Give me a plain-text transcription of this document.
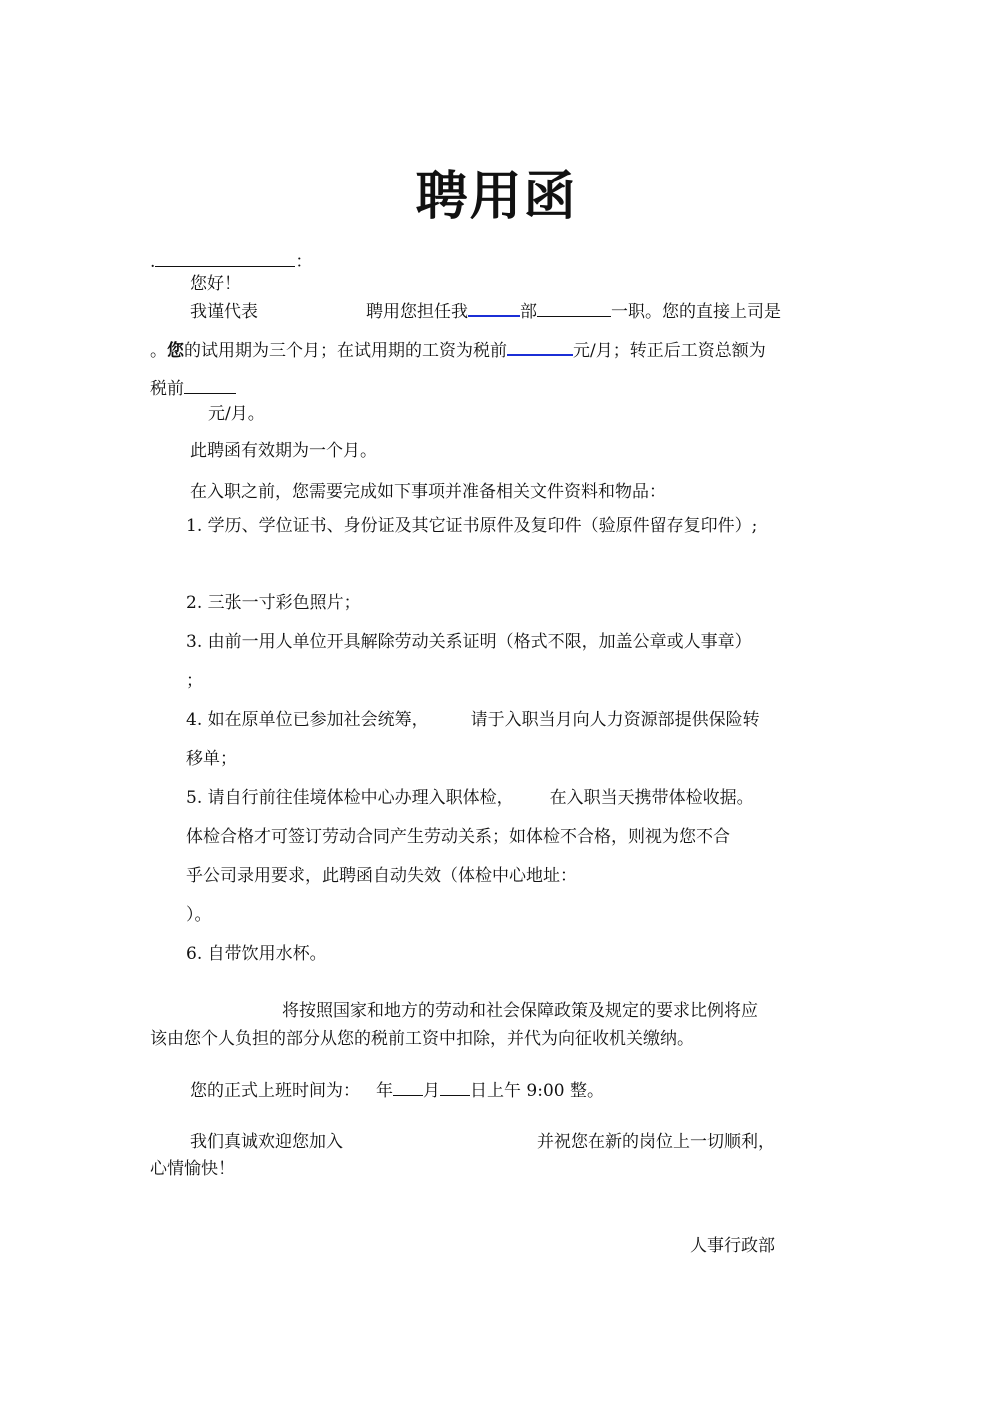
聘用函
.	：
您好！
我谨代表	聘用您担任我	部	一职。您的直接上司是
。您的试用期为三个月；在试用期的工资为税前	元/月；转正后工资总额为
税前
元/月。
此聘函有效期为一个月。
在入职之前，您需要完成如下事项并准备相关文件资料和物品：
1. 学历、学位证书、身份证及其它证书原件及复印件（验原件留存复印件）;
2. 三张一寸彩色照片；
3. 由前一用人单位开具解除劳动关系证明（格式不限，加盖公章或人事章）
；
4. 如在原单位已参加社会统筹， 请于入职当月向人力资源部提供保险转
移单；
5. 请自行前往佳境体检中心办理入职体检， 在入职当天携带体检收据。
体检合格才可签订劳动合同产生劳动关系；如体检不合格，则视为您不合
乎公司录用要求，此聘函自动失效（体检中心地址：
）。
6. 自带饮用水杯。
将按照国家和地方的劳动和社会保障政策及规定的要求比例将应
该由您个人负担的部分从您的税前工资中扣除，并代为向征收机关缴纳。
您的正式上班时间为： 年 月 日上午 9:00 整。
我们真诚欢迎您加入	并祝您在新的岗位上一切顺利，
心情愉快！
人事行政部
